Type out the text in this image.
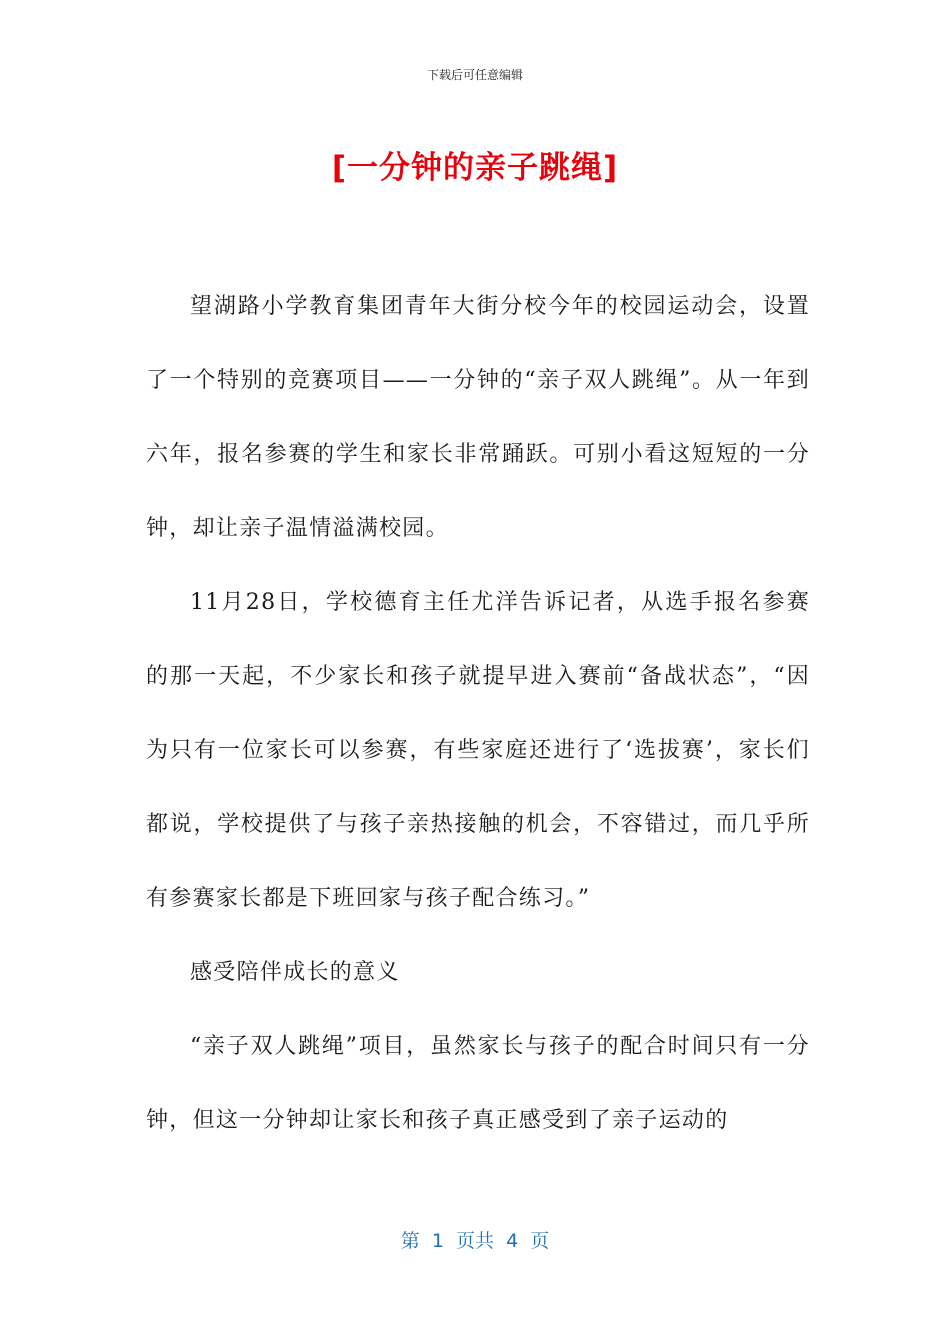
下载后可任意编辑
[一分钟的亲子跳绳]

望湖路小学教育集团青年大街分校今年的校园运动会，设置了一个特别的竞赛项目——一分钟的“亲子双人跳绳”。从一年到六年，报名参赛的学生和家长非常踊跃。可别小看这短短的一分钟，却让亲子温情溢满校园。

11月28日，学校德育主任尤洋告诉记者，从选手报名参赛的那一天起，不少家长和孩子就提早进入赛前“备战状态”，“因为只有一位家长可以参赛，有些家庭还进行了‘选拔赛’，家长们都说，学校提供了与孩子亲热接触的机会，不容错过，而几乎所有参赛家长都是下班回家与孩子配合练习。”

感受陪伴成长的意义

“亲子双人跳绳”项目，虽然家长与孩子的配合时间只有一分钟，但这一分钟却让家长和孩子真正感受到了亲子运动的

第  1  页共  4  页
